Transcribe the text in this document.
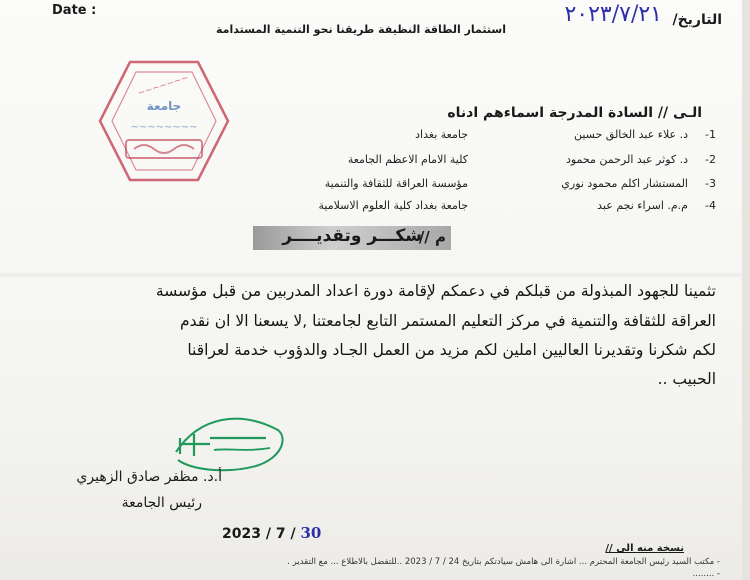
Date :
التاريخ/
٢٠٢٣/٧/٢١
استثمار الطاقة النظيفة طريقنا نحو التنمية المستدامة
~~~~~~~
جامعة
~~~~~~~~
الـى // السادة المدرجة اسماءهم ادناه
-1
د. علاء عبد الخالق حسين
جامعة بغداد
-2
د. كوثر عبد الرحمن محمود
كلية الامام الاعظم الجامعة
-3
المستشار اكلم محمود نوري
مؤسسة العراقة للثقافة والتنمية
-4
م.م. اسراء نجم عبد
جامعة بغداد كلية العلوم الاسلامية
م //
شكـــر وتقديــــر
تثمينا للجهود المبذولة من قبلكم في دعمكم لإقامة دورة اعداد المدربين من قبل مؤسسة
العراقة للثقافة والتنمية في مركز التعليم المستمر التابع لجامعتنا ,لا يسعنا الا ان نقدم
لكم شكرنا وتقديرنا العاليين املين لكم مزيد من العمل الجـاد والدؤوب خدمة لعراقنا
الحبيب ..
أ.د. مظفر صادق الزهيري
رئيس الجامعة
2023 / 7 / 30
نسخة منه الى //
- مكتب السيد رئيس الجامعة المحترم ... اشارة الى هامش سيادتكم بتاريخ 24 / 7 / 2023 ..للتفضل بالاطلاع ... مع التقدير .
- ........
